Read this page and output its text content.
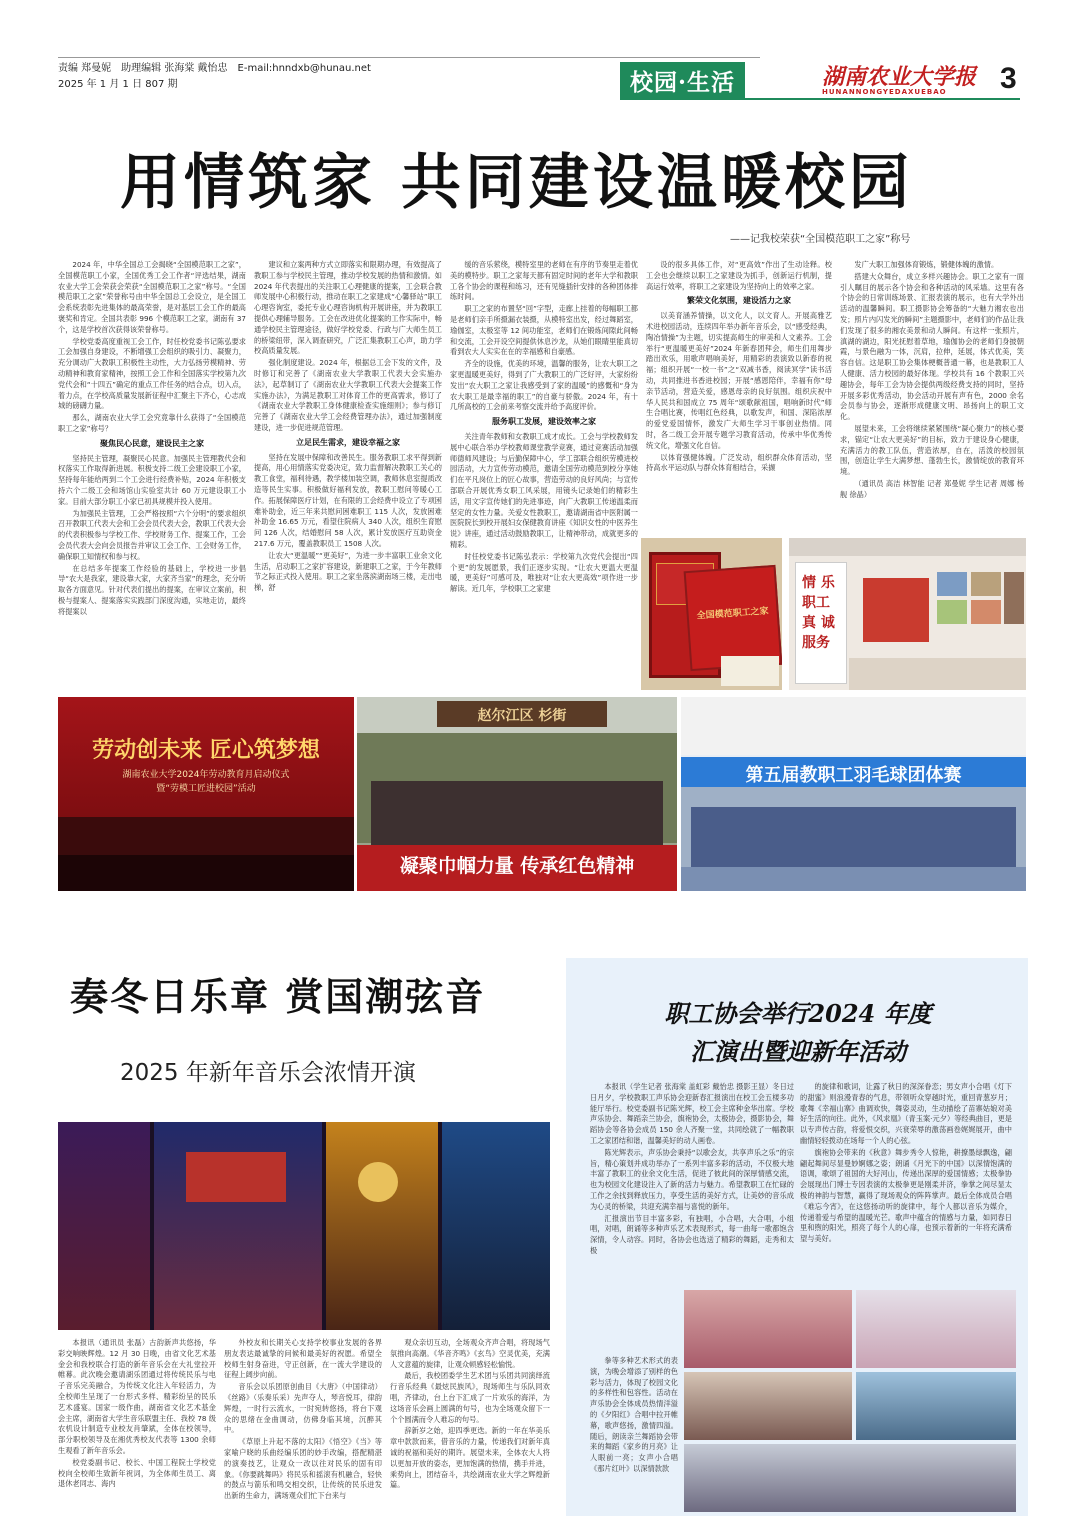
责编 郑曼妮　助理编辑 张海棠 戴怡忠　E-mail:hnndxb@hunau.net
2025 年 1 月 1 日 807 期	校园·生活	湖南农业大学报
HUNANNONGYEDAXUEBAO 3
用情筑家 共同建设温暖校园
——记我校荣获“全国模范职工之家”称号

2024 年，中华全国总工会揭晓“全国模范职工之家”，全国模范职工小家，全国优秀工会工作者“评选结果，湖南农业大学工会荣获会荣获“全国模范职工之家”称号。“全国模范职工之家”荣誉称号由中华全国总工会设立，是全国工会系统表彰先进集体的最高荣誉，是对基层工会工作的最高褒奖和肯定。全国共表彰 996 个模范职工之家，湖南有 37 个，这是学校首次获得该荣誉称号。

学校党委高度重视工会工作，时任校党委书记陈弘要求工会加强自身建设，不断增强工会组织的吸引力、凝聚力，充分调动广大教职工积极性主动性，大力弘扬劳模精神、劳动精神和教育家精神，按照工会工作和全国落实学校第九次党代会和“十四五”确定的重点工作任务的结合点，切入点，着力点，在学校高质量发展新征程中汇聚主下齐心，心志成城的磅礴力量。

那么，湖南农业大学工会究竟靠什么获得了“全国模范职工之家”称号？

聚焦民心民意，建设民主之家

坚持民主管理，凝聚民心民意。加强民主管理教代会和权落实工作取得新进展。积极支持二级工会建设职工小家，坚持每年能给两到二个工会进行经费补贴，2024 年积极支持六个二级工会和场馆山实验室共计 60 万元建设职工小家。目前大部分职工小家已初具规模并投入使用。

为加强民主管理，工会严格按照“六个分明”的要求组织召开教职工代表大会和工会会员代表大会，教职工代表大会的代表积极参与学校工作、学校财务工作、提案工作，工会会员代表大会向会员报告并审议工会工作、工会财务工作，确保职工知情权和参与权。

在总结多年提案工作经验的基础上，学校进一步倡导“农大是我家，建设靠大家，大家齐当家”的理念，充分听取各方面意见。针对代表们提出的提案，在审议立案前，积极与提案人、提案落实实践部门深度沟通，实地走访，最终将提案以

建议和立案两种方式立即落实和限期办理，有效提高了教职工参与学校民主管理，推动学校发展的热情和激情。如 2024 年代表提出的关注职工心理健康的提案，工会联合教师发展中心积极行动，推动在职工之家建成“心馨驿站”职工心理咨询室，委托专业心理咨询机构开展讲座，并为教职工提供心理辅导服务。工会在改进优化提案的工作实际中，畅通学校民主管理途径，做好学校党委、行政与广大师生员工的桥梁纽带，深入调查研究，广泛汇集教职工心声，助力学校高质量发展。

强化制度建设。2024 年，根据总工会下发的文件，及时修订和完善了《湖南农业大学教职工代表大会实施办法》，起草制订了《湖南农业大学教职工代表大会提案工作实施办法》，为满足教职工对体育工作的更高需求，修订了《湖南农业大学教职工身体健康检查实施细则》；参与修订完善了《湖南农业大学工会经费管理办法》，通过加强制度建设，进一步促进规范管理。

立足民生需求，建设幸福之家

坚持在发展中保障和改善民生。服务教职工求平得到新提高，用心用情落实党委决定，致力监督解决教职工关心的教工食堂，福利待遇，教学楼加装空调，教师休息室提质改造等民生实事。积极做好福利发放，教职工慰问等暖心工作。拓展保障医疗计划，在有限的工会经费中设立了专项困难补助金，近三年来共慰问困难职工 115 人次，发放困难补助金 16.65 万元，看望住院病人 340 人次，组织生育慰问 126 人次，结婚慰问 58 人次，累计发放医疗互助资金 217.6 万元，覆盖教职员工 1508 人次。

让农大“更温暖”“更美好”，为进一步丰富职工业余文化生活，启动职工之家扩容建设，新建职工之家，于今年教师节之际正式投入使用。职工之家坐落滨湖南场三楼，走出电梯，舒

缓的音乐萦绕，模特室里的老师在有序的节奏里走着优美的模特步。职工之家每天都有固定时间的老年大学和教职工各个协会的课程和练习，还有见缝插针安排的各种团体排练时间。

职工之家的布置坚“回”字型，走廊上挂着的每幅职工都是老师们亲手所摄漏衣装摄，从模特室出发，经过舞蹈室，瑜伽室，太极室等 12 间功能室，老师们在锻炼间隙此间畅和交流，工会开设空间提供休息沙龙，从她们眼睛里能真切看到农大人实实在在的幸福感和自豪感。

齐全的设施，优美的环境，温馨的服务，让农大职工之家更温暖更美好，得到了广大教职工的广泛好评，大家纷纷发出“农大职工之家让我感受到了家的温暖”的感慨和“身为农大职工是最幸福的职工”的自豪与骄傲。2024 年，有十几所高校的工会前来考察交流并给予高度评价。

服务职工发展，建设效率之家

关注青年教师和女教职工成才成长。工会与学校教师发展中心联合举办学校教师课堂教学竞赛，通过竞赛活动加强师德师风建设；与后勤保障中心，学工部联合组织劳模进校园活动，大力宣传劳动模范，邀请全国劳动模范到校分享她们在平凡岗位上的匠心故事，营造劳动的良好风尚；与宣传部联合开展优秀女职工风采展，用镜头记录她们的精彩生活，用文字宣传她们的先进事迹，向广大教职工传递温柔而坚定的女性力量。关爱女性教职工，邀请湖南省中医附属一医院院长到校开展妇女保健教育讲座《知识女性的中医养生说》讲座，通过活动鼓励教职工，让精神带动，成就更多的精彩。

时任校党委书记陈弘表示：学校第九次党代会提出“四个更”的发展愿景，我们正逐步实现。“让农大更温大更温暖，更美好”可感可及，唯独对“让农大更高效”项作进一步解读。近几年，学校职工之家建

设的很多具体工作，对“更高效”作出了生动诠释。校工会也会继续以职工之家建设为抓手，创新运行机制，提高运行效率，将职工之家建设为坚持向上的效率之家。

繁荣文化氛围，建设活力之家

以美育涵养情操，以文化人，以文育人。开展高雅艺术进校园活动，连续四年举办新年音乐会，以“感受经典，陶冶情操”为主题，切实提高师生的审美和人文素养。工会举行“更温暖更美好”2024 年新春团拜会，师生们用舞步踏出欢乐，用歌声唱响美好，用精彩的表演致以新春的祝福；组织开展“一校一书”之“双减书香，阅读冥学”读书活动，共同推进书香进校园；开展“感恩陪伴，幸福有你”母亲节活动，营造关爱，感恩母亲的良好氛围。组织庆祝中华人民共和国成立 75 周年“颂歌献祖国，唱响新时代”师生合唱比赛，传唱红色经典，以歌发声，和国、深陷浓厚的爱党爱国情怀，激发广大师生学习干事创业热情。同时，各二级工会开展专题学习教育活动，传承中华优秀传统文化，增强文化自信。

以体育强健体魄。广泛发动，组织群众体育活动，坚持高水平运动队与群众体育相结合，采撷

发广大职工加强体育锻炼，锻健体魄的激情。

搭建大众舞台，成立多样兴趣协会。职工之家有一面引人瞩目的展示各个协会和各种活动的风采墙。这里有各个协会的日常训练场景、汇报表演的展示，也有大学外出活动的温馨瞬间。职工摄影协会筹备的“大魅力湘农也出发；照片内闪发光的瞬间”主题摄影中，老师们的作品让我们发现了很多的湘农美景和动人瞬间。有这样一张照片，滇湖的湖边，阳光抚慰着草地，瑜伽协会的老师们身披朝霞，与景色融为一体，沉肩，拉伸，延展，体式优美，笑容自信。这是职工协会集体梗概普通一幕，也是教职工人人健康、活力校园的最好体现。学校共有 16 个教职工兴趣协会，每年工会为协会提供两级经费支持的同时，坚持开展多彩优秀活动，协会活动开展有声有色，2000 余名会员参与协会，逐渐形成健康文明、昂扬向上的职工文化。

展望未来，工会将继续紧紧围绕“凝心聚力”的核心要求，锚定“让农大更美好”的目标，致力于建设身心健康，充满活力的教工队伍，营造浓厚，自在，活泼的校园氛围，创造让学生大满梦想、蓬勃生长，激情绽放的教育环境。

（通讯员 高洁 林智能 记者 郑曼妮 学生记者 周娜 杨舰 徐晶）

全国模范职工之家
情 乐职工 真 诚服务
劳动创未来 匠心筑梦想
湖南农业大学2024年劳动教育月启动仪式
暨“劳模工匠进校园”活动
赵尔江区 杉街
凝聚巾帼力量 传承红色精神
第五届教职工羽毛球团体赛
奏冬日乐章 赏国潮弦音
2025 年新年音乐会浓情开演

本报讯（通讯员 张磊）古韵新声共悠扬，华彩交响映辉煌。12 月 30 日晚，由省文化艺术基金会和我校联合打造的新年音乐会在大礼堂拉开帷幕。此次晚会邀请湖乐团通过将传统民乐与电子音乐完美融合，为传统文化注入年轻活力，为全校师生呈现了一台形式多样、精彩纷呈的民乐艺术盛宴。国家一级作曲，湖南省文化艺术基金会主席，湖南省大学生音乐联盟主任、我校 78 级农机设计制造专业校友肖肇斌，全体在校领导，部分职校领导及在湘优秀校友代表等 1300 余师生观看了新年音乐会。

校党委副书记、校长、中国工程院士学校党校向全校师生致新年祝词，为全体师生员工、离退休老同志、海内

外校友和长期关心支持学校事业发展的各界朋友表达最诚挚的问候和最美好的祝愿。希望全校师生射身奋进，守正创新，在一流大学建设的征程上阔步向前。

音乐会以乐团原创曲目《大唐》（中国律动）《丝路》（乐奏乐采）先声夺人，琴音悦耳，律韵辉煌，一时行云流水，一时宛转悠扬，将台下观众的思绪在金曲调动，仿佛身临其境，沉醉其中。

《草原上升起不落的太阳》《悟空》《当》等家喻户晓的乐曲经编乐团的妙手改编，搭配精湛的演奏技艺，让观众一改以往对民乐的固有印象。《你要跳舞吗》将民乐和摇滚有机融合，轻快的鼓点与箭乐和鸣交相交织，让传统的民乐迸发出新的生命力，满场观众们忙下台来与

观众亲切互动，全场观众齐声合唱，将现场气氛推向高潮。《华音齐鸣》《玄鸟》空灵优美，充满人文意蕴的旋律，让观众顿感轻松愉悦。

最后，我校团委学生艺术团与乐团共同演绎流行音乐经典《最炫民族风》，现场师生与乐队同欢唱，齐律动，台上台下汇成了一片欢乐的海洋，为这场音乐会画上圆满的句号，也为全场观众留下一个个圆满而令人难忘的句号。

辞新岁之始，迎四季更迭。新的一年在华美乐章中款款而来，借音乐的力量，传递我们对新年真诚的祝福和美好的期许。展望未来，全体农大人将以更加开放的姿态，更加饱满的热情，携手并进，乘势向上，团结奋斗，共绘湖南农业大学之辉煌新篇。

职工协会举行2024 年度
汇演出暨迎新年活动

本报讯（学生记者 张海棠 盖虹彩 戴怡忠 摄影王显）冬日过日月夕，学校教职工声乐协会迎新春汇报演出在校工会五楼多功能厅举行。校党委副书记陈光辉，校工会主席种金华出席。学校声乐协会、舞蹈亲兰协会，旗袍协会，太极协会，摄影协会，舞蹈协会等各协会成员 150 余人齐聚一堂，共同绘就了一幅教职工之家团结和谐，温馨美好的动人画卷。

陈光辉表示，声乐协会秉持“以歌会友，共享声乐之乐”的宗旨，精心策划并成功举办了一系列丰富多彩的活动，不仅极大地丰富了教职工的业余文化生活，促进了彼此间的深厚情感交流，也为校园文化建设注入了新的活力与魅力。希望教职工在忙碌的工作之余找到释放压力，享受生活的美好方式，让美妙的音乐成为心灵的桥梁，共迎充满幸福与喜悦的新年。

汇报演出节目丰富多彩，有独唱，小合唱，大合唱，小组唱，对唱，朗诵等多种声乐艺术表现形式，每一曲每一歌都饱含深情，令人动容。同时，各协会也选送了精彩的舞蹈，走秀和太极

拳等多种艺术形式的表演，为晚会增添了别样的色彩与活力，体现了校园文化的多样性和包容性。活动在声乐协会全体成员热情洋溢的《夕阳红》合唱中拉开帷幕，歌声悠扬，激情四溢。随后，朗读亲兰舞蹈协会带来的舞蹈《家乡的月亮》让人眼前一亮；女声小合唱《那片红叶》以深情款款

的旋律和歌词，让露了秋日的深深眷恋；男女声小合唱《灯下的甜蜜》则浪漫青春的气息，带领听众穿越时光，重回青葱岁月；歌舞《幸福山寨》曲调欢快，舞姿灵动，生动描绘了苗寨姑娘对美好生活的向往。此外，《风求凰》（青玉案·元夕）等经典曲目，更是以专声传古韵，将爱恨交织，兴衰荣辱的激荡画卷娓娓展开，曲中幽情轻轻拨动在场每一个人的心弦。

旗袍协会带来的《秋意》舞步秀令人惊艳，耕撩墨绿飘逸，翩翩起舞间尽显曼妙婀娜之姿；朗诵《月光下的中国》以深情饱满的语调，歌颂了祖国的大好河山，传递出深厚的爱国情感；太极拳协会展现出门博士专因表演的太极拳更是刚柔并济，拳掌之间尽显太极的神韵与智慧，赢得了现场观众的阵阵掌声。最后全体成员合唱《难忘今宵》，在这悠扬动听的旋律中，每个人都以音乐为媒介，传递着爱与希望的温暖光芒。歌声中蕴含的情感与力量，如同春日里和煦的阳光，照亮了每个人的心扉，也预示着新的一年将充满希望与美好。
